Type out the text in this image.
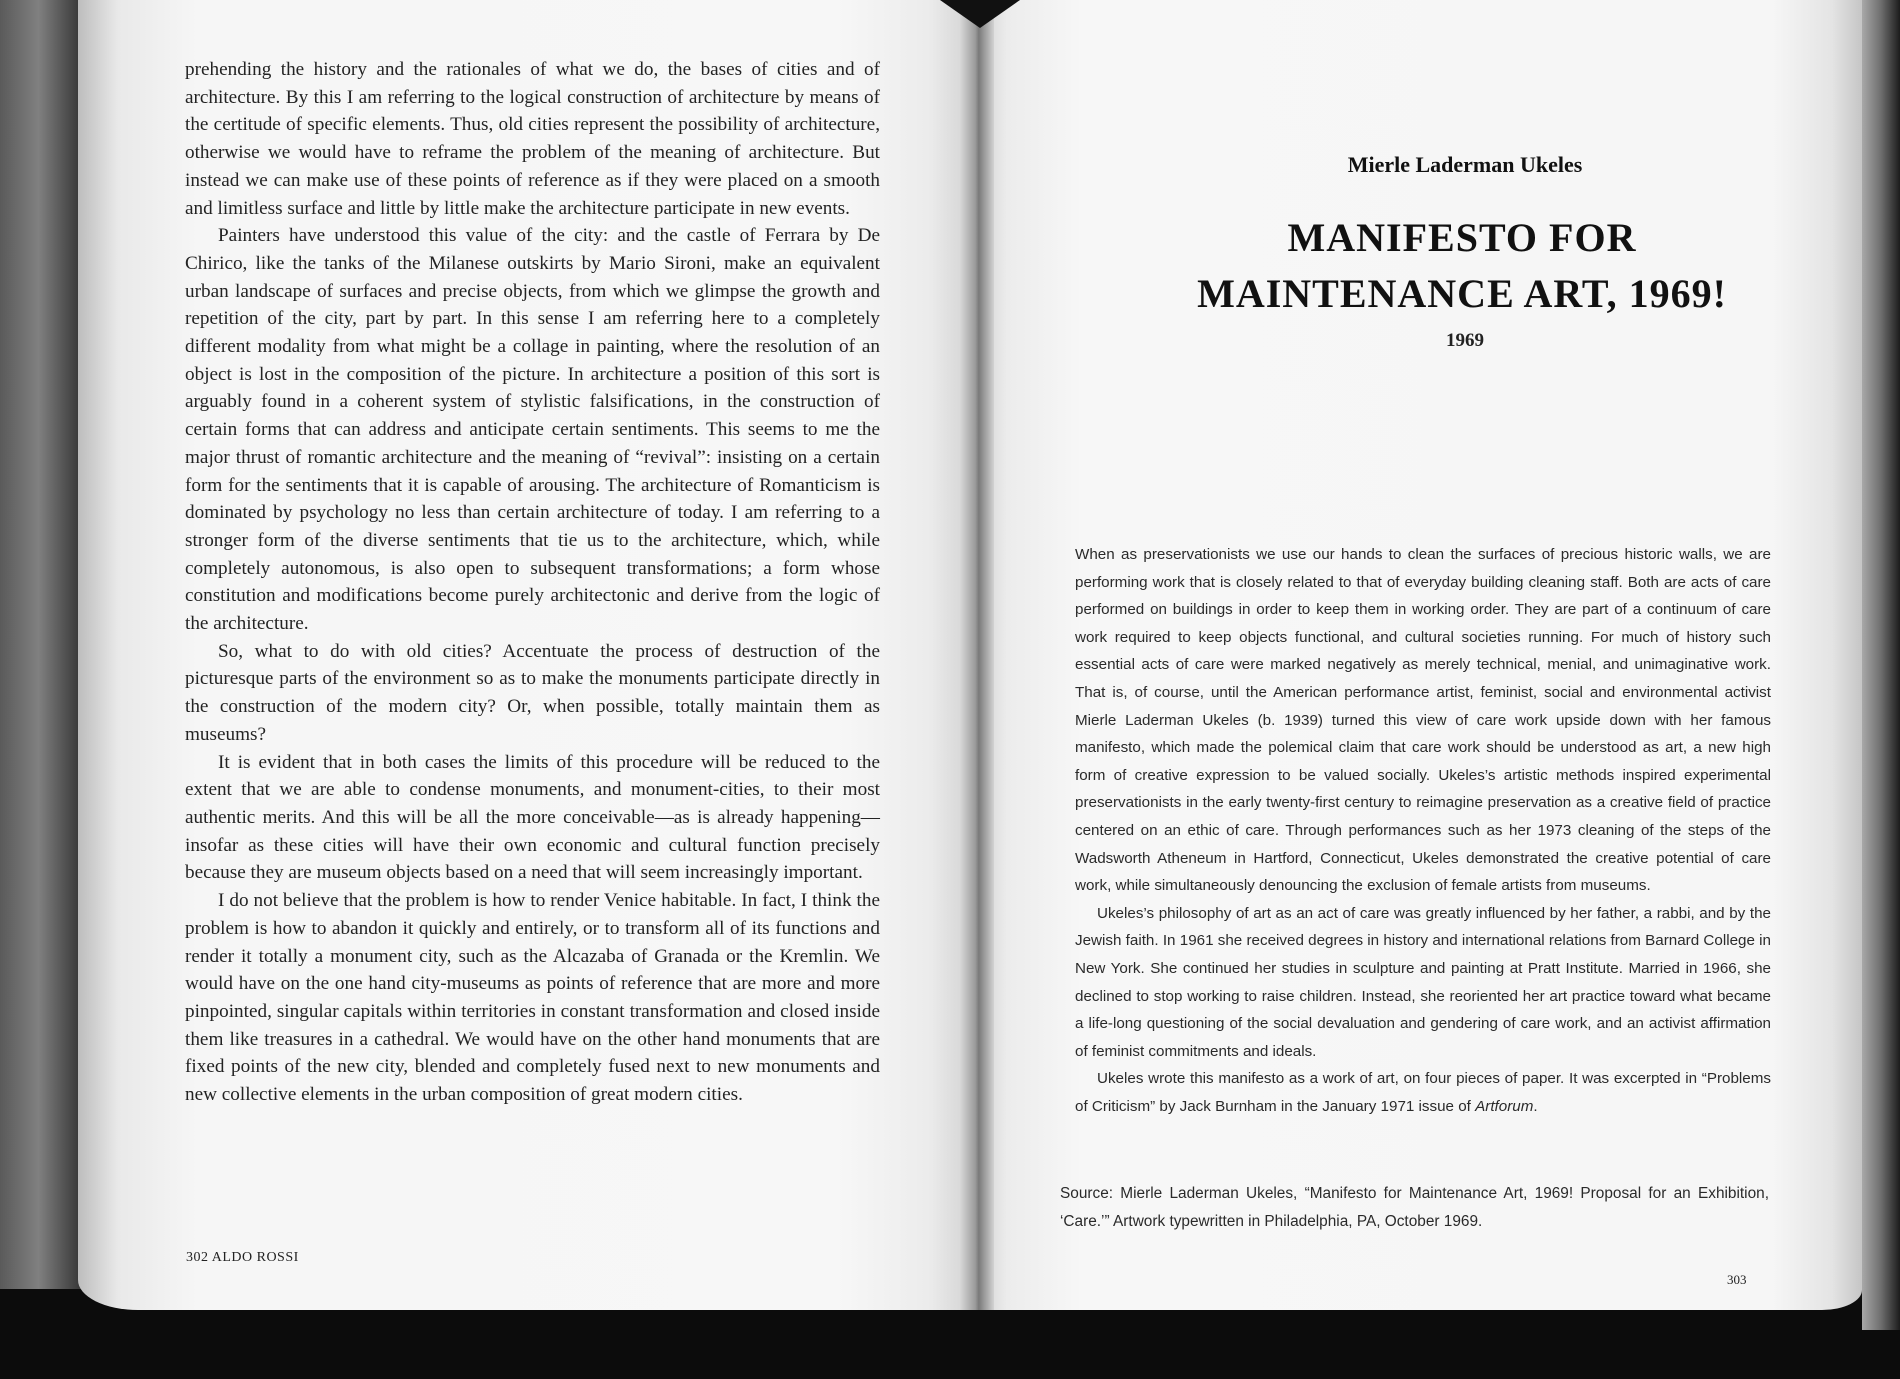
prehending the history and the rationales of what we do, the bases of cities and of architecture. By this I am referring to the logical construction of architecture by means of the certitude of specific elements. Thus, old cities represent the possibility of architecture, otherwise we would have to reframe the problem of the meaning of architecture. But instead we can make use of these points of reference as if they were placed on a smooth and limitless surface and little by little make the architecture participate in new events.

Painters have understood this value of the city: and the castle of Ferrara by De Chirico, like the tanks of the Milanese outskirts by Mario Sironi, make an equivalent urban landscape of surfaces and precise objects, from which we glimpse the growth and repetition of the city, part by part. In this sense I am referring here to a completely different modality from what might be a collage in painting, where the resolution of an object is lost in the composition of the picture. In architecture a position of this sort is arguably found in a coherent system of stylistic falsifications, in the construction of certain forms that can address and anticipate certain sentiments. This seems to me the major thrust of romantic architecture and the meaning of “revival”: insisting on a certain form for the sentiments that it is capable of arousing. The architecture of Romanticism is dominated by psychology no less than certain architecture of today. I am referring to a stronger form of the diverse sentiments that tie us to the architecture, which, while completely autonomous, is also open to subsequent transformations; a form whose constitution and modifications become purely architectonic and derive from the logic of the architecture.

So, what to do with old cities? Accentuate the process of destruction of the picturesque parts of the environment so as to make the monuments participate directly in the construction of the modern city? Or, when possible, totally maintain them as museums?

It is evident that in both cases the limits of this procedure will be reduced to the extent that we are able to condense monuments, and monument-cities, to their most authentic merits. And this will be all the more conceivable—as is already happening—insofar as these cities will have their own economic and cultural function precisely because they are museum objects based on a need that will seem increasingly important.

I do not believe that the problem is how to render Venice habitable. In fact, I think the problem is how to abandon it quickly and entirely, or to transform all of its functions and render it totally a monument city, such as the Alcazaba of Granada or the Kremlin. We would have on the one hand city-museums as points of reference that are more and more pinpointed, singular capitals within territories in constant transformation and closed inside them like treasures in a cathedral. We would have on the other hand monuments that are fixed points of the new city, blended and completely fused next to new monuments and new collective elements in the urban composition of great modern cities.

302 ALDO ROSSI
Mierle Laderman Ukeles
MANIFESTO FOR
MAINTENANCE ART, 1969!
1969

When as preservationists we use our hands to clean the surfaces of precious historic walls, we are performing work that is closely related to that of everyday building cleaning staff. Both are acts of care performed on buildings in order to keep them in working order. They are part of a continuum of care work required to keep objects functional, and cultural societies running. For much of history such essential acts of care were marked negatively as merely technical, menial, and unimaginative work. That is, of course, until the American performance artist, feminist, social and environmental activist Mierle Laderman Ukeles (b. 1939) turned this view of care work upside down with her famous manifesto, which made the polemical claim that care work should be understood as art, a new high form of creative expression to be valued socially. Ukeles’s artistic methods inspired experimental preservationists in the early twenty-first century to reimagine preservation as a creative field of practice centered on an ethic of care. Through performances such as her 1973 cleaning of the steps of the Wadsworth Atheneum in Hartford, Connecticut, Ukeles demonstrated the creative potential of care work, while simultaneously denouncing the exclusion of female artists from museums.

Ukeles’s philosophy of art as an act of care was greatly influenced by her father, a rabbi, and by the Jewish faith. In 1961 she received degrees in history and international relations from Barnard College in New York. She continued her studies in sculpture and painting at Pratt Institute. Married in 1966, she declined to stop working to raise children. Instead, she reoriented her art practice toward what became a life-long questioning of the social devaluation and gendering of care work, and an activist affirmation of feminist commitments and ideals.

Ukeles wrote this manifesto as a work of art, on four pieces of paper. It was excerpted in “Problems of Criticism” by Jack Burnham in the January 1971 issue of Artforum.

Source: Mierle Laderman Ukeles, “Manifesto for Maintenance Art, 1969! Proposal for an Exhibition, ‘Care.’” Artwork typewritten in Philadelphia, PA, October 1969.
303
